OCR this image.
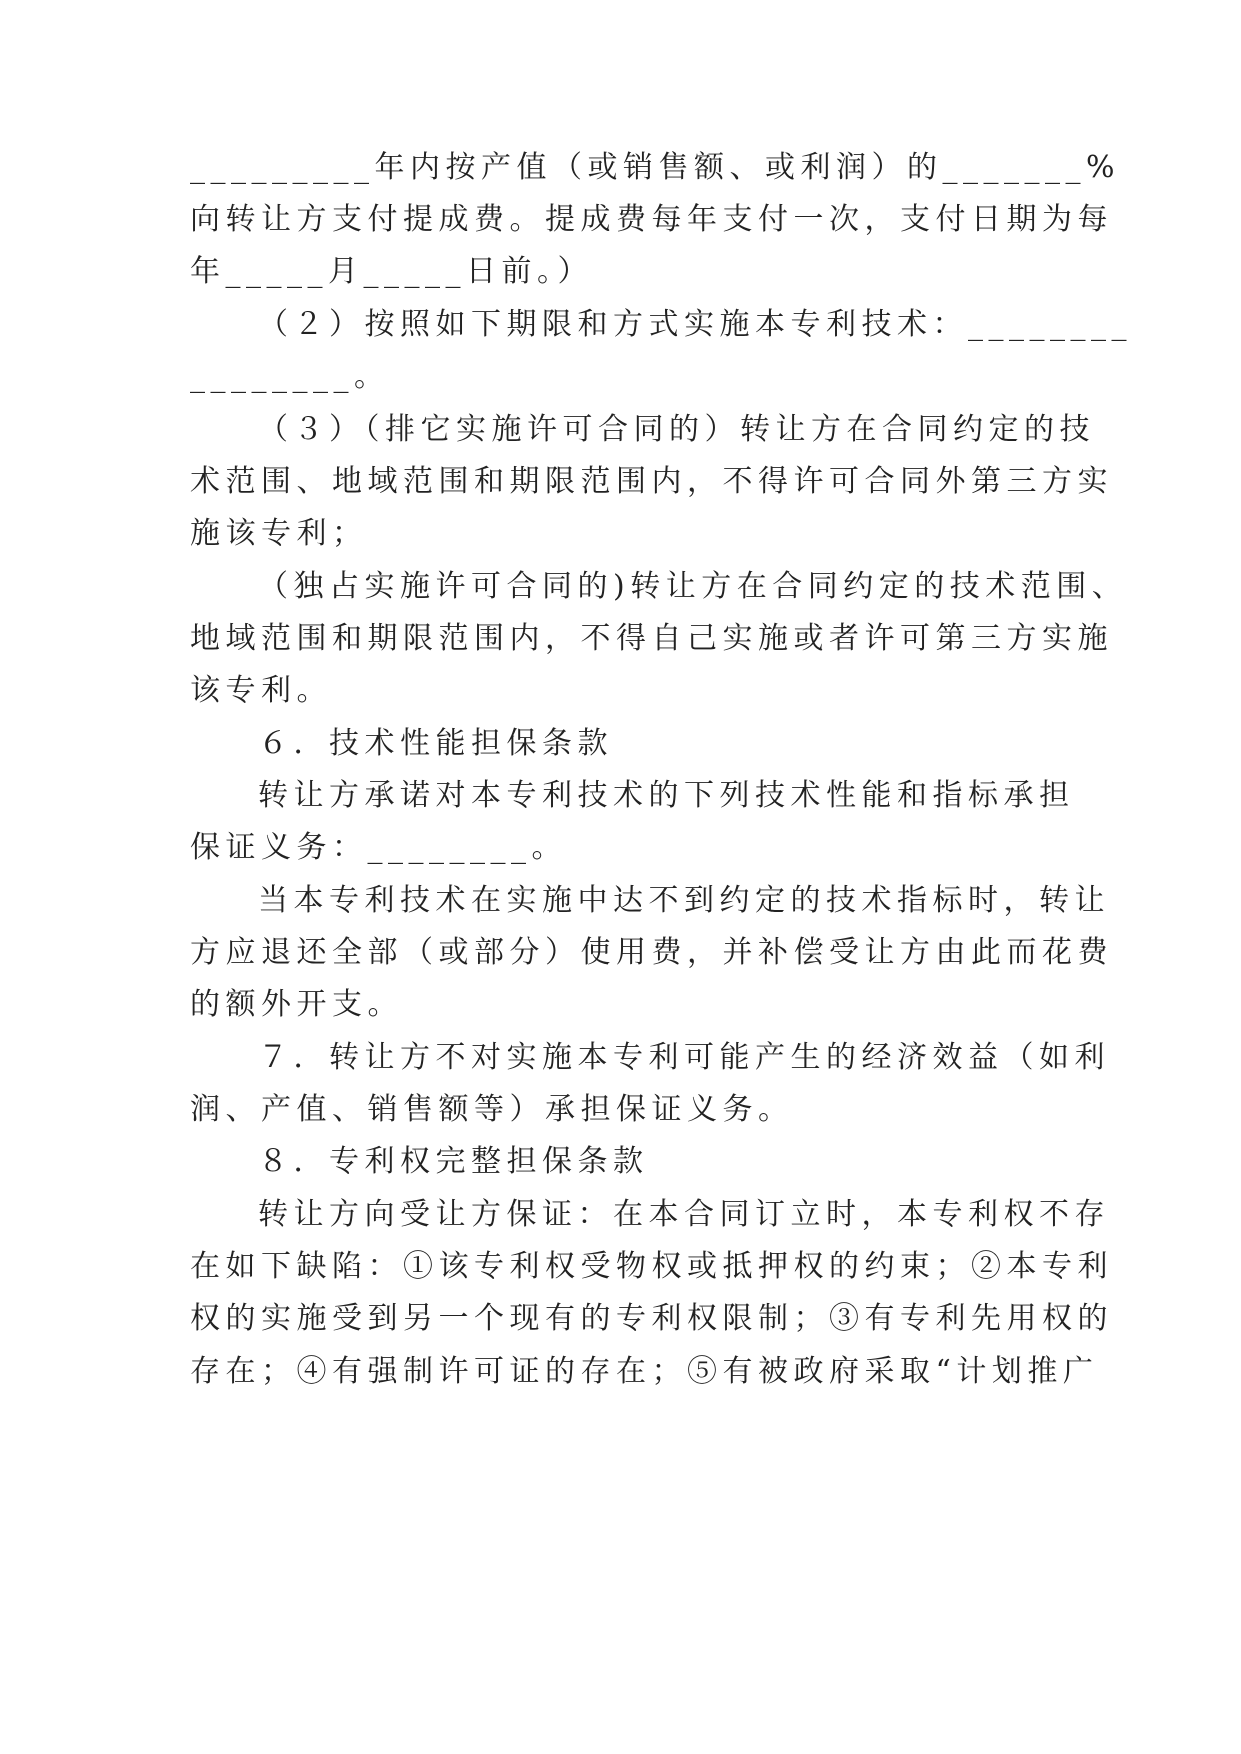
_________年内按产值（或销售额、或利润）的_______%
向转让方支付提成费。提成费每年支付一次，支付日期为每
年_____月_____日前。）
（２）按照如下期限和方式实施本专利技术：________
________。
（３）（排它实施许可合同的）转让方在合同约定的技
术范围、地域范围和期限范围内，不得许可合同外第三方实
施该专利；
（独占实施许可合同的)转让方在合同约定的技术范围、
地域范围和期限范围内，不得自己实施或者许可第三方实施
该专利。
６．技术性能担保条款
转让方承诺对本专利技术的下列技术性能和指标承担
保证义务：________。
当本专利技术在实施中达不到约定的技术指标时，转让
方应退还全部（或部分）使用费，并补偿受让方由此而花费
的额外开支。
７．转让方不对实施本专利可能产生的经济效益（如利
润、产值、销售额等）承担保证义务。
８．专利权完整担保条款
转让方向受让方保证：在本合同订立时，本专利权不存
在如下缺陷：①该专利权受物权或抵押权的约束；②本专利
权的实施受到另一个现有的专利权限制；③有专利先用权的
存在；④有强制许可证的存在；⑤有被政府采取“计划推广
